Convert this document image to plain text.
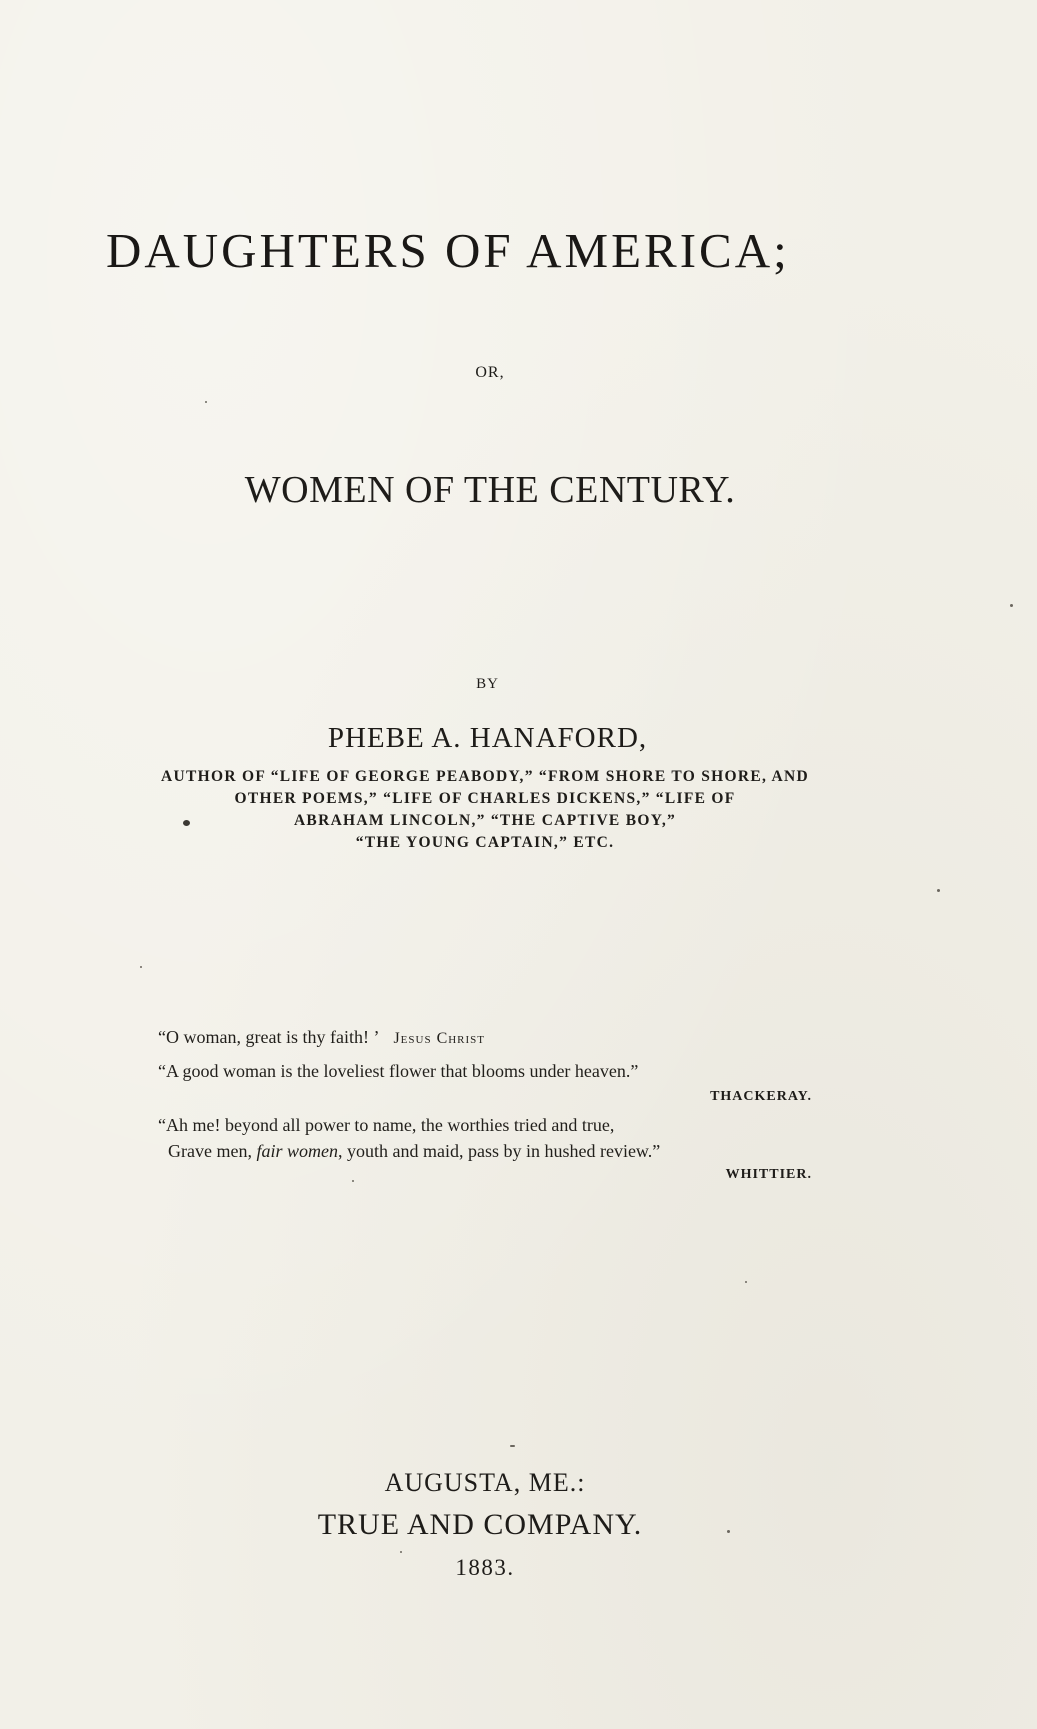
DAUGHTERS OF AMERICA;
OR,
WOMEN OF THE CENTURY.
BY
PHEBE A. HANAFORD,
AUTHOR OF “LIFE OF GEORGE PEABODY,” “FROM SHORE TO SHORE, AND
OTHER POEMS,” “LIFE OF CHARLES DICKENS,” “LIFE OF
ABRAHAM LINCOLN,” “THE CAPTIVE BOY,”
“THE YOUNG CAPTAIN,” ETC.
“O woman, great is thy faith! ’ Jesus Christ
“A good woman is the loveliest flower that blooms under heaven.”
THACKERAY.
“Ah me! beyond all power to name, the worthies tried and true,
Grave men, fair women, youth and maid, pass by in hushed review.”
WHITTIER.
AUGUSTA, ME.:
TRUE AND COMPANY.
1883.
